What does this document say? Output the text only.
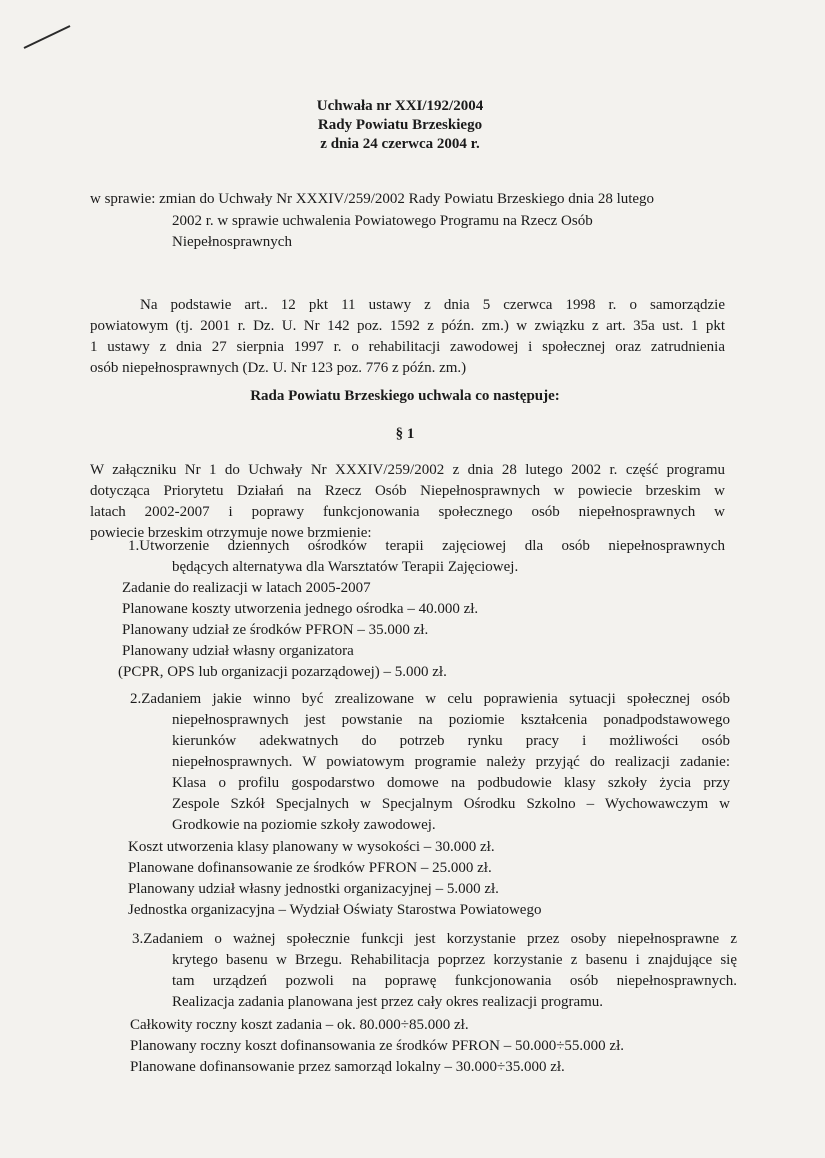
Uchwała nr XXI/192/2004
Rady Powiatu Brzeskiego
z dnia 24 czerwca 2004 r.
w sprawie: zmian do Uchwały Nr XXXIV/259/2002 Rady Powiatu Brzeskiego dnia 28 lutego
2002 r. w sprawie uchwalenia Powiatowego Programu na Rzecz Osób
Niepełnosprawnych
Na podstawie art.. 12 pkt 11 ustawy z dnia 5 czerwca 1998 r. o samorządzie
powiatowym (tj. 2001 r. Dz. U. Nr 142 poz. 1592 z późn. zm.) w związku z art. 35a ust. 1 pkt
1 ustawy z dnia 27 sierpnia 1997 r. o rehabilitacji zawodowej i społecznej oraz zatrudnienia
osób niepełnosprawnych (Dz. U. Nr 123 poz. 776 z późn. zm.)
Rada Powiatu Brzeskiego uchwala co następuje:
§ 1
W załączniku Nr 1 do Uchwały Nr XXXIV/259/2002 z dnia 28 lutego 2002 r. część programu
dotycząca Priorytetu Działań na Rzecz Osób Niepełnosprawnych w powiecie brzeskim w
latach 2002-2007 i poprawy funkcjonowania społecznego osób niepełnosprawnych w
powiecie brzeskim otrzymuje nowe brzmienie:
1.Utworzenie dziennych ośrodków terapii zajęciowej dla osób niepełnosprawnych
będących alternatywa dla Warsztatów Terapii Zajęciowej.
Zadanie do realizacji w latach 2005-2007
Planowane koszty utworzenia jednego ośrodka – 40.000 zł.
Planowany udział ze środków PFRON – 35.000 zł.
Planowany udział własny organizatora
(PCPR, OPS lub organizacji pozarządowej) – 5.000 zł.
2.Zadaniem jakie winno być zrealizowane w celu poprawienia sytuacji społecznej osób
niepełnosprawnych jest powstanie na poziomie kształcenia ponadpodstawowego
kierunków adekwatnych do potrzeb rynku pracy i możliwości osób
niepełnosprawnych. W powiatowym programie należy przyjąć do realizacji zadanie:
Klasa o profilu gospodarstwo domowe na podbudowie klasy szkoły życia przy
Zespole Szkół Specjalnych w Specjalnym Ośrodku Szkolno – Wychowawczym w
Grodkowie na poziomie szkoły zawodowej.
Koszt utworzenia klasy planowany w wysokości – 30.000 zł.
Planowane dofinansowanie ze środków PFRON – 25.000 zł.
Planowany udział własny jednostki organizacyjnej – 5.000 zł.
Jednostka organizacyjna – Wydział Oświaty Starostwa Powiatowego
3.Zadaniem o ważnej społecznie funkcji jest korzystanie przez osoby niepełnosprawne z
krytego basenu w Brzegu. Rehabilitacja poprzez korzystanie z basenu i znajdujące się
tam urządzeń pozwoli na poprawę funkcjonowania osób niepełnosprawnych.
Realizacja zadania planowana jest przez cały okres realizacji programu.
Całkowity roczny koszt zadania – ok. 80.000÷85.000 zł.
Planowany roczny koszt dofinansowania ze środków PFRON – 50.000÷55.000 zł.
Planowane dofinansowanie przez samorząd lokalny – 30.000÷35.000 zł.
